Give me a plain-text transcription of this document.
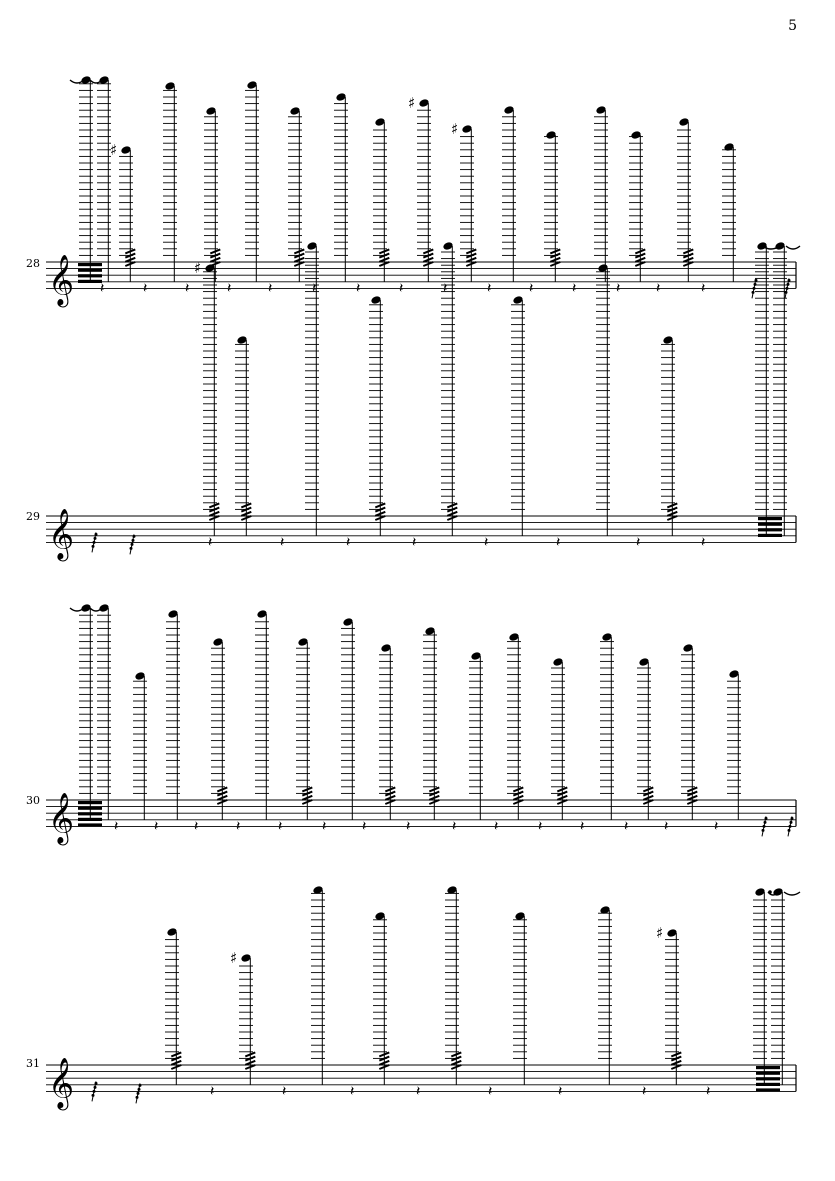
5
28
29
30
31
𝄞
♯
♯
♯
𝄽	𝄽	𝄽	𝄽	𝄽	𝄽	𝄽	𝄽	𝄽	𝄽	𝄽	𝄽	𝄽	𝄽	𝄽
𝄞
♯
𝄽	𝄽	𝄽	𝄽	𝄽	𝄽	𝄽	𝄽
𝄞	𝄽	𝄽	𝄽	𝄽	𝄽	𝄽	𝄽	𝄽	𝄽	𝄽	𝄽	𝄽	𝄽	𝄽	𝄽
𝄞
♯
♯
𝄽	𝄽	𝄽	𝄽	𝄽	𝄽	𝄽	𝄽
